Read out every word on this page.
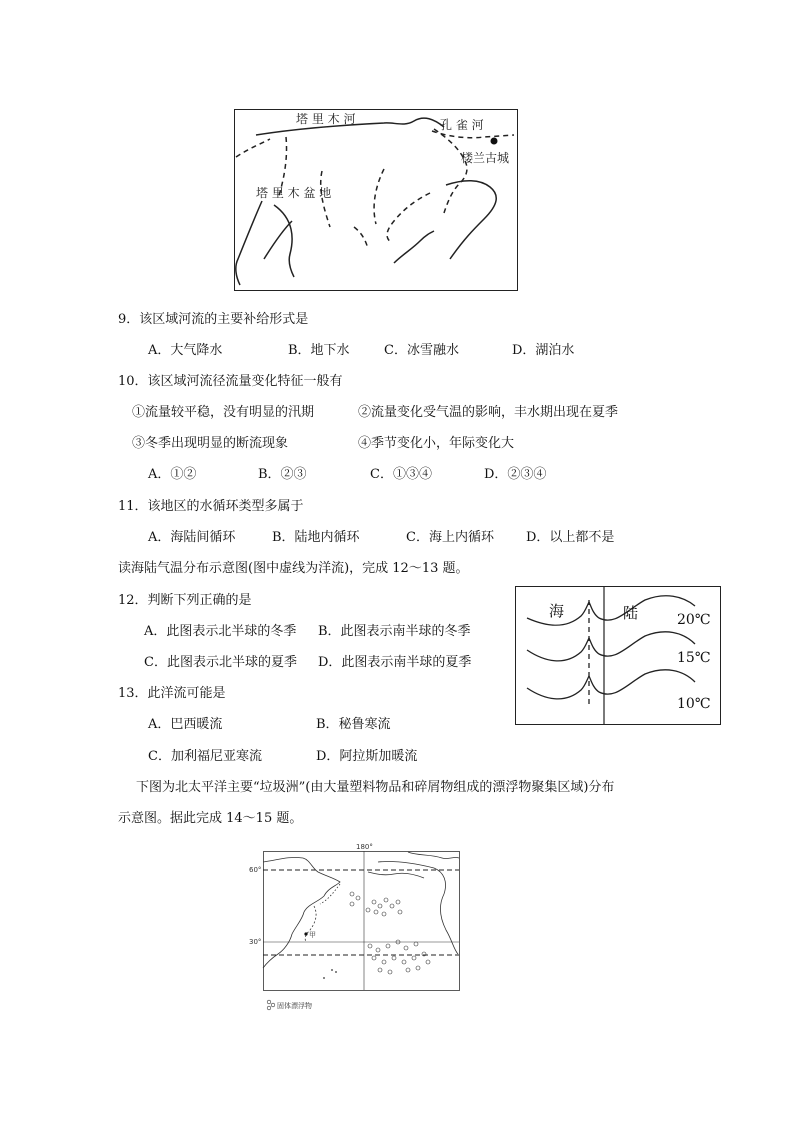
塔 里 木 河	孔 雀 河
楼兰古城
塔 里 木 盆 地
9．该区域河流的主要补给形式是
A．大气降水	B．地下水	C．冰雪融水	D．湖泊水
10．该区域河流径流量变化特征一般有
①流量较平稳，没有明显的汛期	②流量变化受气温的影响，丰水期出现在夏季
③冬季出现明显的断流现象	④季节变化小，年际变化大
A．①②	B．②③	C．①③④	D．②③④
11．该地区的水循环类型多属于
A．海陆间循环	B．陆地内循环	C．海上内循环 D．以上都不是
读海陆气温分布示意图(图中虚线为洋流)，完成 12～13 题。
12．判断下列正确的是
A．此图表示北半球的冬季 B．此图表示南半球的冬季
C．此图表示北半球的夏季 D．此图表示南半球的夏季
13．此洋流可能是
A．巴西暖流	B．秘鲁寒流
C．加利福尼亚寒流	D．阿拉斯加暖流
海	陆	20℃
15℃
10℃
下图为北太平洋主要“垃圾洲”(由大量塑料物品和碎屑物组成的漂浮物聚集区域)分布
示意图。据此完成 14～15 题。
甲
180°
60°
30°
固体漂浮物
